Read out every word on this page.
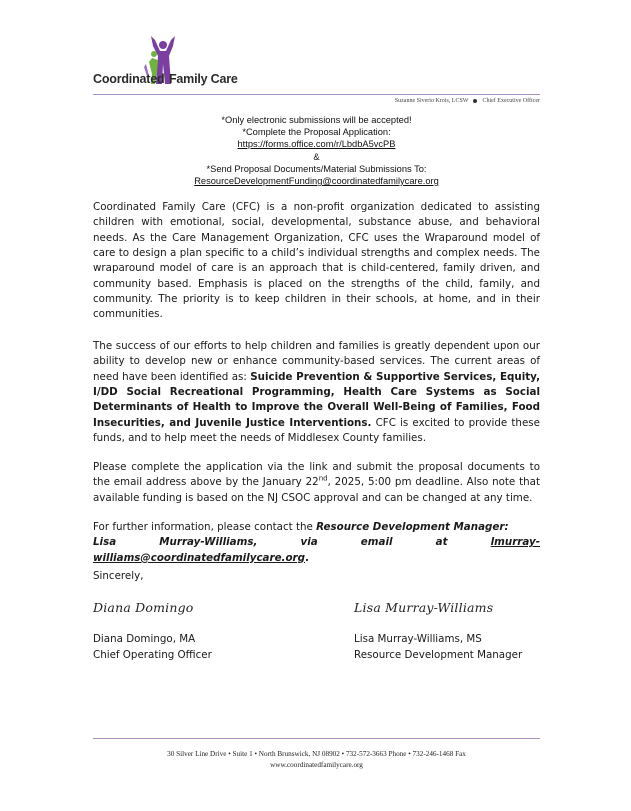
Coordinated Family Care
Suzanne Siverio Krois, LCSW Chief Executive Officer
*Only electronic submissions will be accepted!
*Complete the Proposal Application:
https://forms.office.com/r/LbdbA5vcPB
&
*Send Proposal Documents/Material Submissions To:
ResourceDevelopmentFunding@coordinatedfamilycare.org

Coordinated Family Care (CFC) is a non-profit organization dedicated to assisting children with emotional, social, developmental, substance abuse, and behavioral needs. As the Care Management Organization, CFC uses the Wraparound model of care to design a plan specific to a child’s individual strengths and complex needs. The wraparound model of care is an approach that is child-centered, family driven, and community based. Emphasis is placed on the strengths of the child, family, and community. The priority is to keep children in their schools, at home, and in their communities.

The success of our efforts to help children and families is greatly dependent upon our ability to develop new or enhance community-based services. The current areas of need have been identified as: Suicide Prevention & Supportive Services, Equity, I/DD Social Recreational Programming, Health Care Systems as Social Determinants of Health to Improve the Overall Well-Being of Families, Food Insecurities, and Juvenile Justice Interventions. CFC is excited to provide these funds, and to help meet the needs of Middlesex County families.

Please complete the application via the link and submit the proposal documents to the email address above by the January 22nd, 2025, 5:00 pm deadline. Also note that available funding is based on the NJ CSOC approval and can be changed at any time.

For further information, please contact the Resource Development Manager:
Lisa Murray-Williams, via email at lmurray-williams@coordinatedfamilycare.org.

Sincerely,
Diana Domingo	Lisa Murray-Williams
Diana Domingo, MA
Chief Operating Officer
Lisa Murray-Williams, MS
Resource Development Manager
30 Silver Line Drive • Suite 1 • North Brunswick, NJ 08902 • 732-572-3663 Phone • 732-246-1468 Fax
www.coordinatedfamilycare.org
